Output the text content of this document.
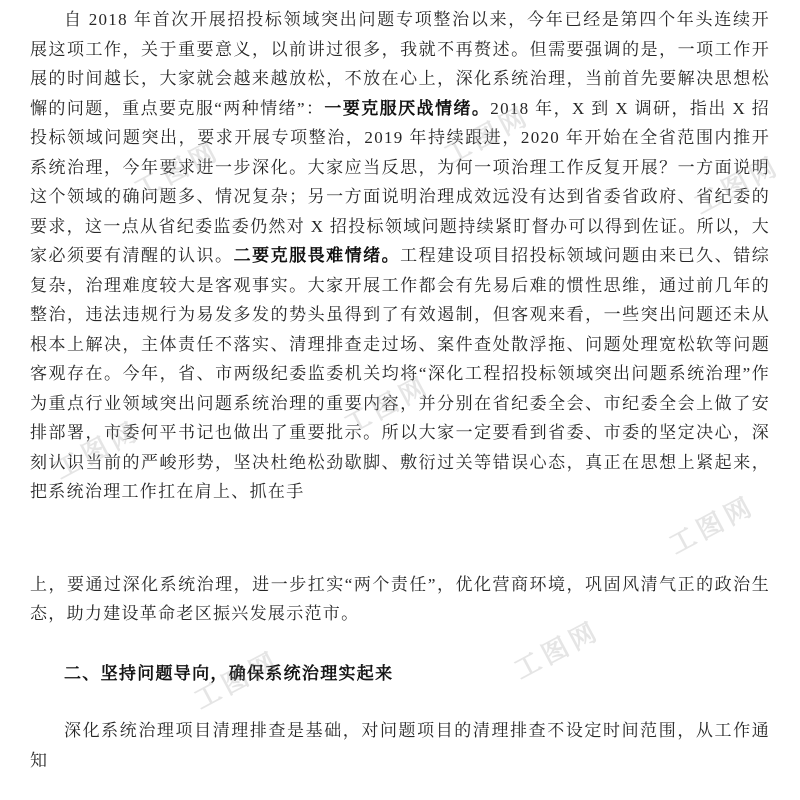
工图网	工图网
工图网
工图网
工图网
工图网
工图网	工图网

自 2018 年首次开展招投标领域突出问题专项整治以来，今年已经是第四个年头连续开展这项工作，关于重要意义，以前讲过很多，我就不再赘述。但需要强调的是，一项工作开展的时间越长，大家就会越来越放松，不放在心上，深化系统治理，当前首先要解决思想松懈的问题，重点要克服“两种情绪”：一要克服厌战情绪。2018 年，X 到 X 调研，指出 X 招投标领域问题突出，要求开展专项整治，2019 年持续跟进，2020 年开始在全省范围内推开系统治理，今年要求进一步深化。大家应当反思，为何一项治理工作反复开展？一方面说明这个领域的确问题多、情况复杂；另一方面说明治理成效远没有达到省委省政府、省纪委的要求，这一点从省纪委监委仍然对 X 招投标领域问题持续紧盯督办可以得到佐证。所以，大家必须要有清醒的认识。二要克服畏难情绪。工程建设项目招投标领域问题由来已久、错综复杂，治理难度较大是客观事实。大家开展工作都会有先易后难的惯性思维，通过前几年的整治，违法违规行为易发多发的势头虽得到了有效遏制，但客观来看，一些突出问题还未从根本上解决，主体责任不落实、清理排查走过场、案件查处散浮拖、问题处理宽松软等问题客观存在。今年，省、市两级纪委监委机关均将“深化工程招投标领域突出问题系统治理”作为重点行业领域突出问题系统治理的重要内容，并分别在省纪委全会、市纪委全会上做了安排部署，市委何平书记也做出了重要批示。所以大家一定要看到省委、市委的坚定决心，深刻认识当前的严峻形势，坚决杜绝松劲歇脚、敷衍过关等错误心态，真正在思想上紧起来，把系统治理工作扛在肩上、抓在手

上，要通过深化系统治理，进一步扛实“两个责任”，优化营商环境，巩固风清气正的政治生态，助力建设革命老区振兴发展示范市。

二、坚持问题导向，确保系统治理实起来

深化系统治理项目清理排查是基础，对问题项目的清理排查不设定时间范围，从工作通知
